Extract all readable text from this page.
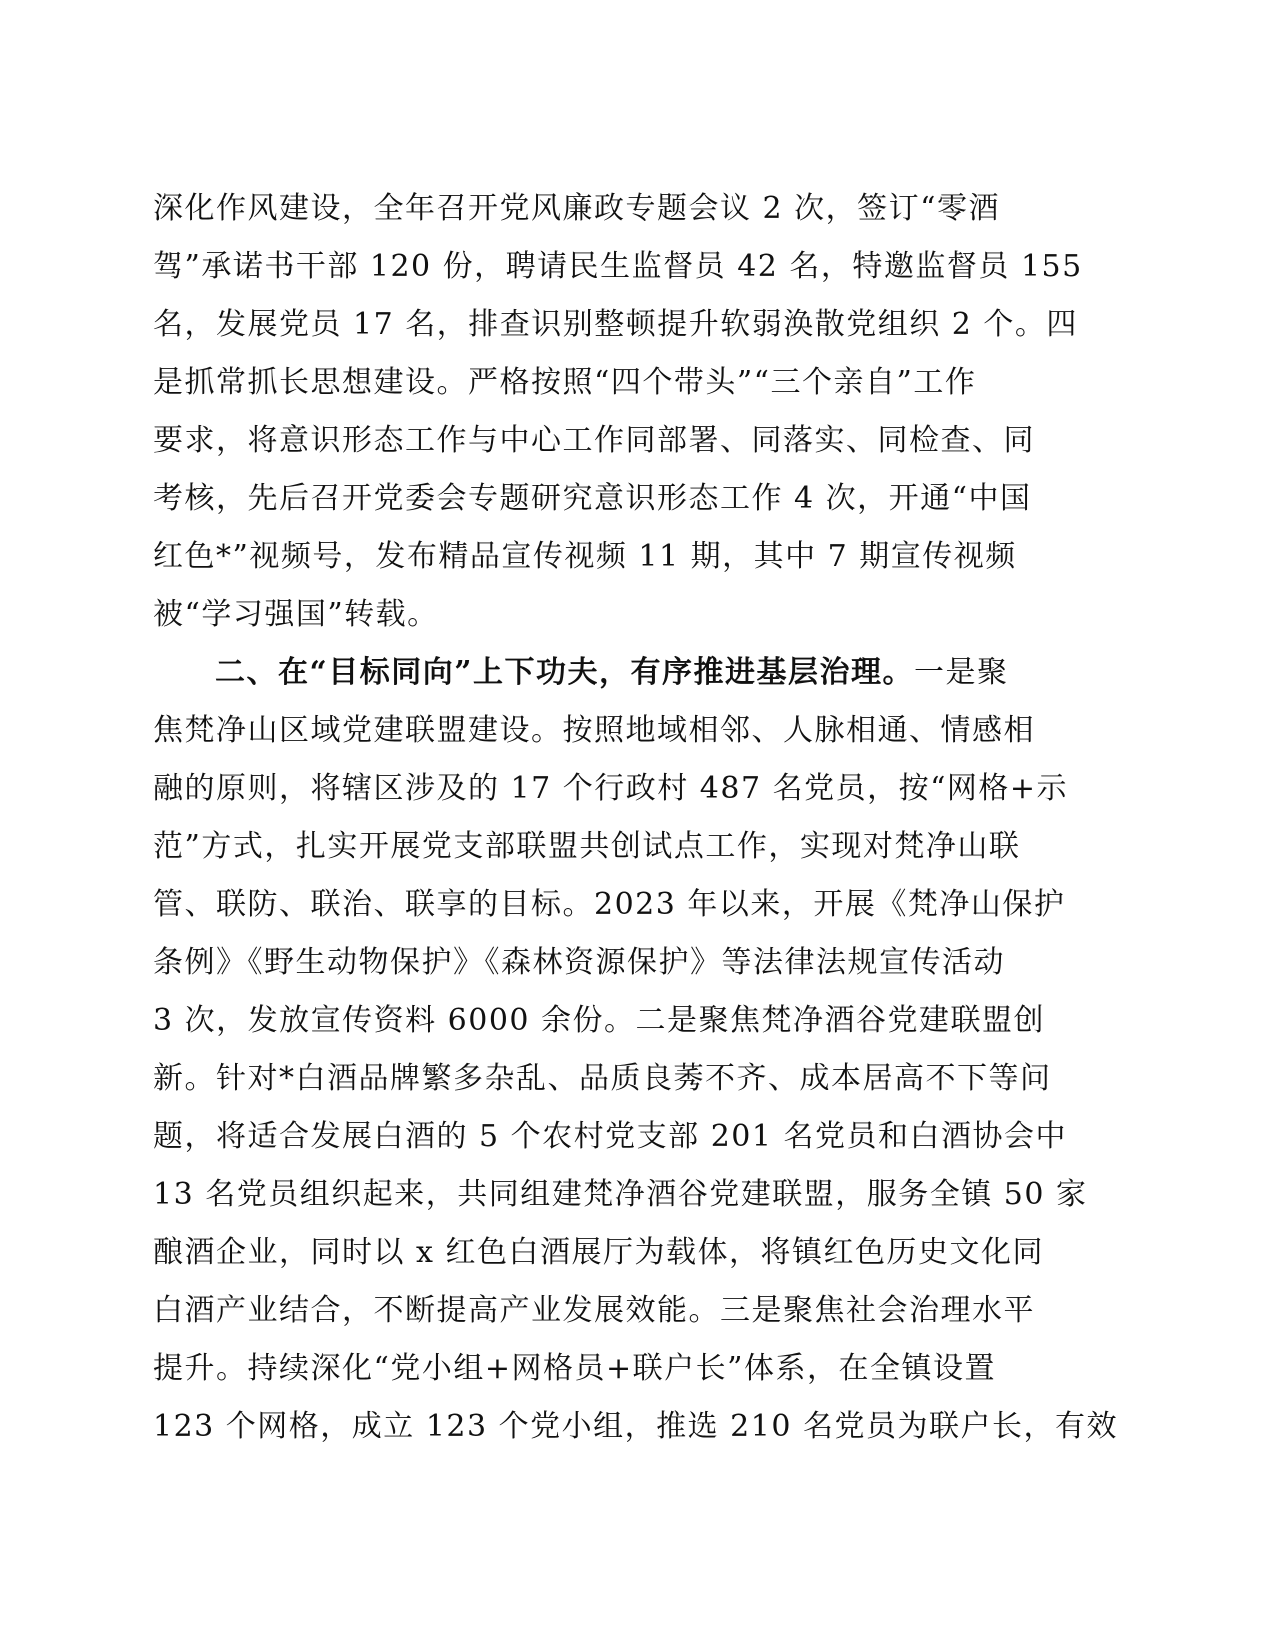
深化作风建设，全年召开党风廉政专题会议 2 次，签订“零酒
驾”承诺书干部 120 份，聘请民生监督员 42 名，特邀监督员 155
名，发展党员 17 名，排查识别整顿提升软弱涣散党组织 2 个。四
是抓常抓长思想建设。严格按照“四个带头”“三个亲自”工作
要求，将意识形态工作与中心工作同部署、同落实、同检查、同
考核，先后召开党委会专题研究意识形态工作 4 次，开通“中国
红色*”视频号，发布精品宣传视频 11 期，其中 7 期宣传视频
被“学习强国”转载。
二、在“目标同向”上下功夫，有序推进基层治理。一是聚
焦梵净山区域党建联盟建设。按照地域相邻、人脉相通、情感相
融的原则，将辖区涉及的 17 个行政村 487 名党员，按“网格+示
范”方式，扎实开展党支部联盟共创试点工作，实现对梵净山联
管、联防、联治、联享的目标。2023 年以来，开展《梵净山保护
条例》《野生动物保护》《森林资源保护》等法律法规宣传活动
3 次，发放宣传资料 6000 余份。二是聚焦梵净酒谷党建联盟创
新。针对*白酒品牌繁多杂乱、品质良莠不齐、成本居高不下等问
题，将适合发展白酒的 5 个农村党支部 201 名党员和白酒协会中
13 名党员组织起来，共同组建梵净酒谷党建联盟，服务全镇 50 家
酿酒企业，同时以 x 红色白酒展厅为载体，将镇红色历史文化同
白酒产业结合，不断提高产业发展效能。三是聚焦社会治理水平
提升。持续深化“党小组+网格员+联户长”体系，在全镇设置
123 个网格，成立 123 个党小组，推选 210 名党员为联户长，有效
